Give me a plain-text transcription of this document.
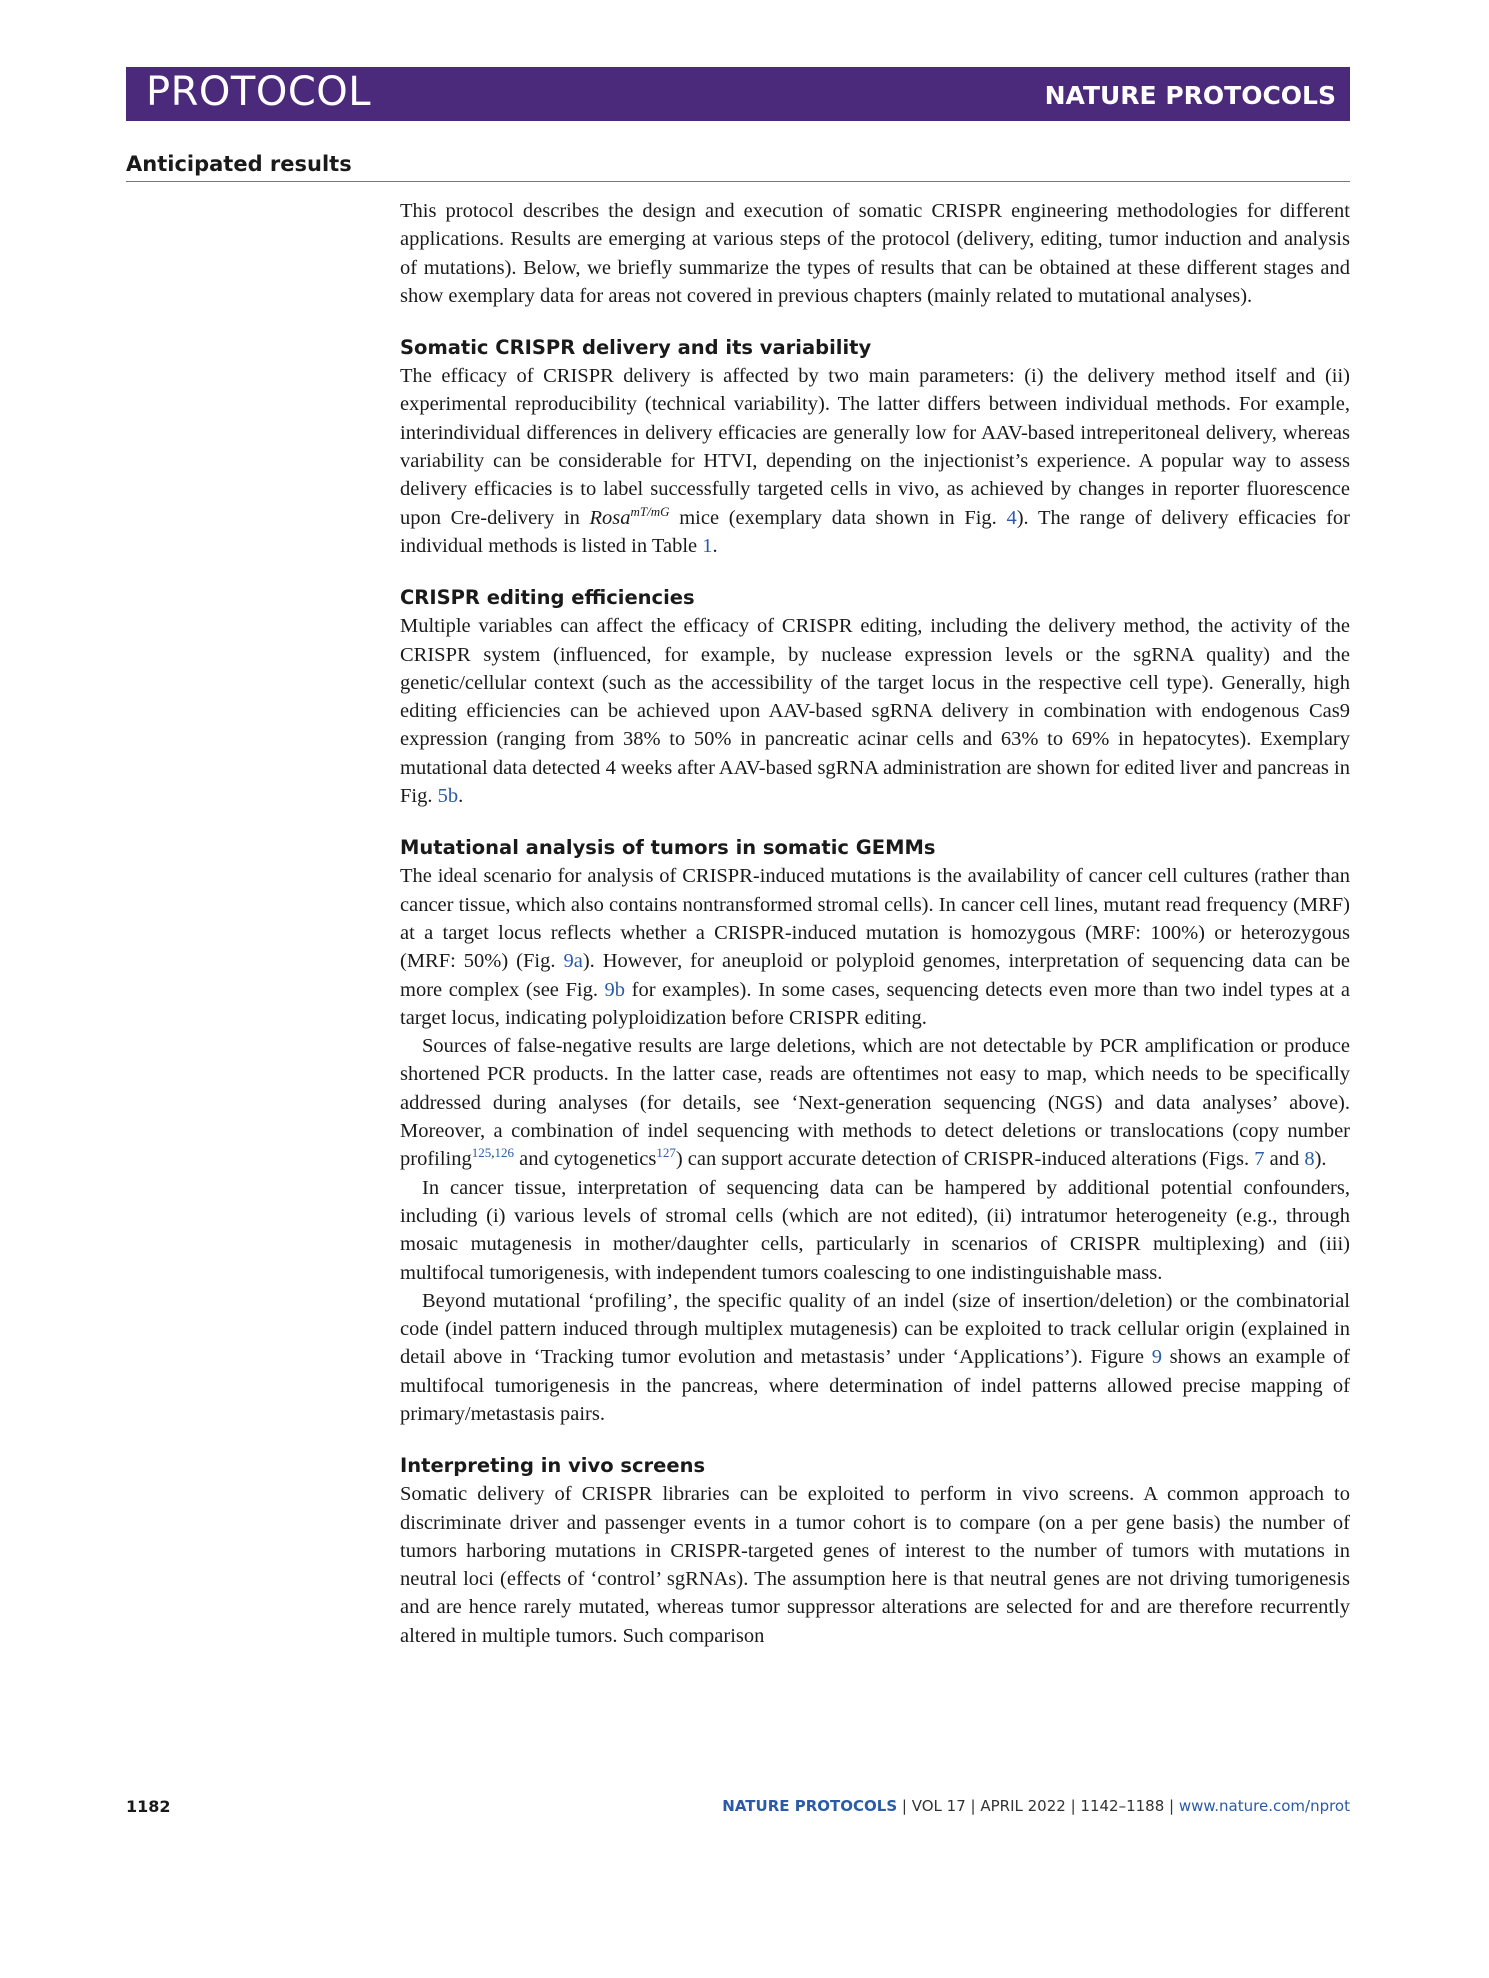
PROTOCOL	NATURE PROTOCOLS
Anticipated results

This protocol describes the design and execution of somatic CRISPR engineering methodologies for different applications. Results are emerging at various steps of the protocol (delivery, editing, tumor induction and analysis of mutations). Below, we briefly summarize the types of results that can be obtained at these different stages and show exemplary data for areas not covered in previous chapters (mainly related to mutational analyses).

Somatic CRISPR delivery and its variability

The efficacy of CRISPR delivery is affected by two main parameters: (i) the delivery method itself and (ii) experimental reproducibility (technical variability). The latter differs between individual methods. For example, interindividual differences in delivery efficacies are generally low for AAV-based intreperitoneal delivery, whereas variability can be considerable for HTVI, depending on the injectionist’s experience. A popular way to assess delivery efficacies is to label successfully targeted cells in vivo, as achieved by changes in reporter fluorescence upon Cre-delivery in Rosa$^{mT/mG}$ mice (exemplary data shown in Fig. 4). The range of delivery efficacies for individual methods is listed in Table 1.

CRISPR editing efficiencies

Multiple variables can affect the efficacy of CRISPR editing, including the delivery method, the activity of the CRISPR system (influenced, for example, by nuclease expression levels or the sgRNA quality) and the genetic/cellular context (such as the accessibility of the target locus in the respective cell type). Generally, high editing efficiencies can be achieved upon AAV-based sgRNA delivery in combination with endogenous Cas9 expression (ranging from 38% to 50% in pancreatic acinar cells and 63% to 69% in hepatocytes). Exemplary mutational data detected 4 weeks after AAV-based sgRNA administration are shown for edited liver and pancreas in Fig. 5b.

Mutational analysis of tumors in somatic GEMMs

The ideal scenario for analysis of CRISPR-induced mutations is the availability of cancer cell cultures (rather than cancer tissue, which also contains nontransformed stromal cells). In cancer cell lines, mutant read frequency (MRF) at a target locus reflects whether a CRISPR-induced mutation is homozygous (MRF: 100%) or heterozygous (MRF: 50%) (Fig. 9a). However, for aneuploid or polyploid genomes, interpretation of sequencing data can be more complex (see Fig. 9b for examples). In some cases, sequencing detects even more than two indel types at a target locus, indicating polyploidization before CRISPR editing.

Sources of false-negative results are large deletions, which are not detectable by PCR amplification or produce shortened PCR products. In the latter case, reads are oftentimes not easy to map, which needs to be specifically addressed during analyses (for details, see ‘Next-generation sequencing (NGS) and data analyses’ above). Moreover, a combination of indel sequencing with methods to detect deletions or translocations (copy number profiling$^{125,126}$ and cytogenetics$^{127}$) can support accurate detection of CRISPR-induced alterations (Figs. 7 and 8).

In cancer tissue, interpretation of sequencing data can be hampered by additional potential confounders, including (i) various levels of stromal cells (which are not edited), (ii) intratumor heterogeneity (e.g., through mosaic mutagenesis in mother/daughter cells, particularly in scenarios of CRISPR multiplexing) and (iii) multifocal tumorigenesis, with independent tumors coalescing to one indistinguishable mass.

Beyond mutational ‘profiling’, the specific quality of an indel (size of insertion/deletion) or the combinatorial code (indel pattern induced through multiplex mutagenesis) can be exploited to track cellular origin (explained in detail above in ‘Tracking tumor evolution and metastasis’ under ‘Applications’). Figure 9 shows an example of multifocal tumorigenesis in the pancreas, where determination of indel patterns allowed precise mapping of primary/metastasis pairs.

Interpreting in vivo screens

Somatic delivery of CRISPR libraries can be exploited to perform in vivo screens. A common approach to discriminate driver and passenger events in a tumor cohort is to compare (on a per gene basis) the number of tumors harboring mutations in CRISPR-targeted genes of interest to the number of tumors with mutations in neutral loci (effects of ‘control’ sgRNAs). The assumption here is that neutral genes are not driving tumorigenesis and are hence rarely mutated, whereas tumor suppressor alterations are selected for and are therefore recurrently altered in multiple tumors. Such comparison

1182	NATURE PROTOCOLS | VOL 17 | APRIL 2022 | 1142–1188 | www.nature.com/nprot
